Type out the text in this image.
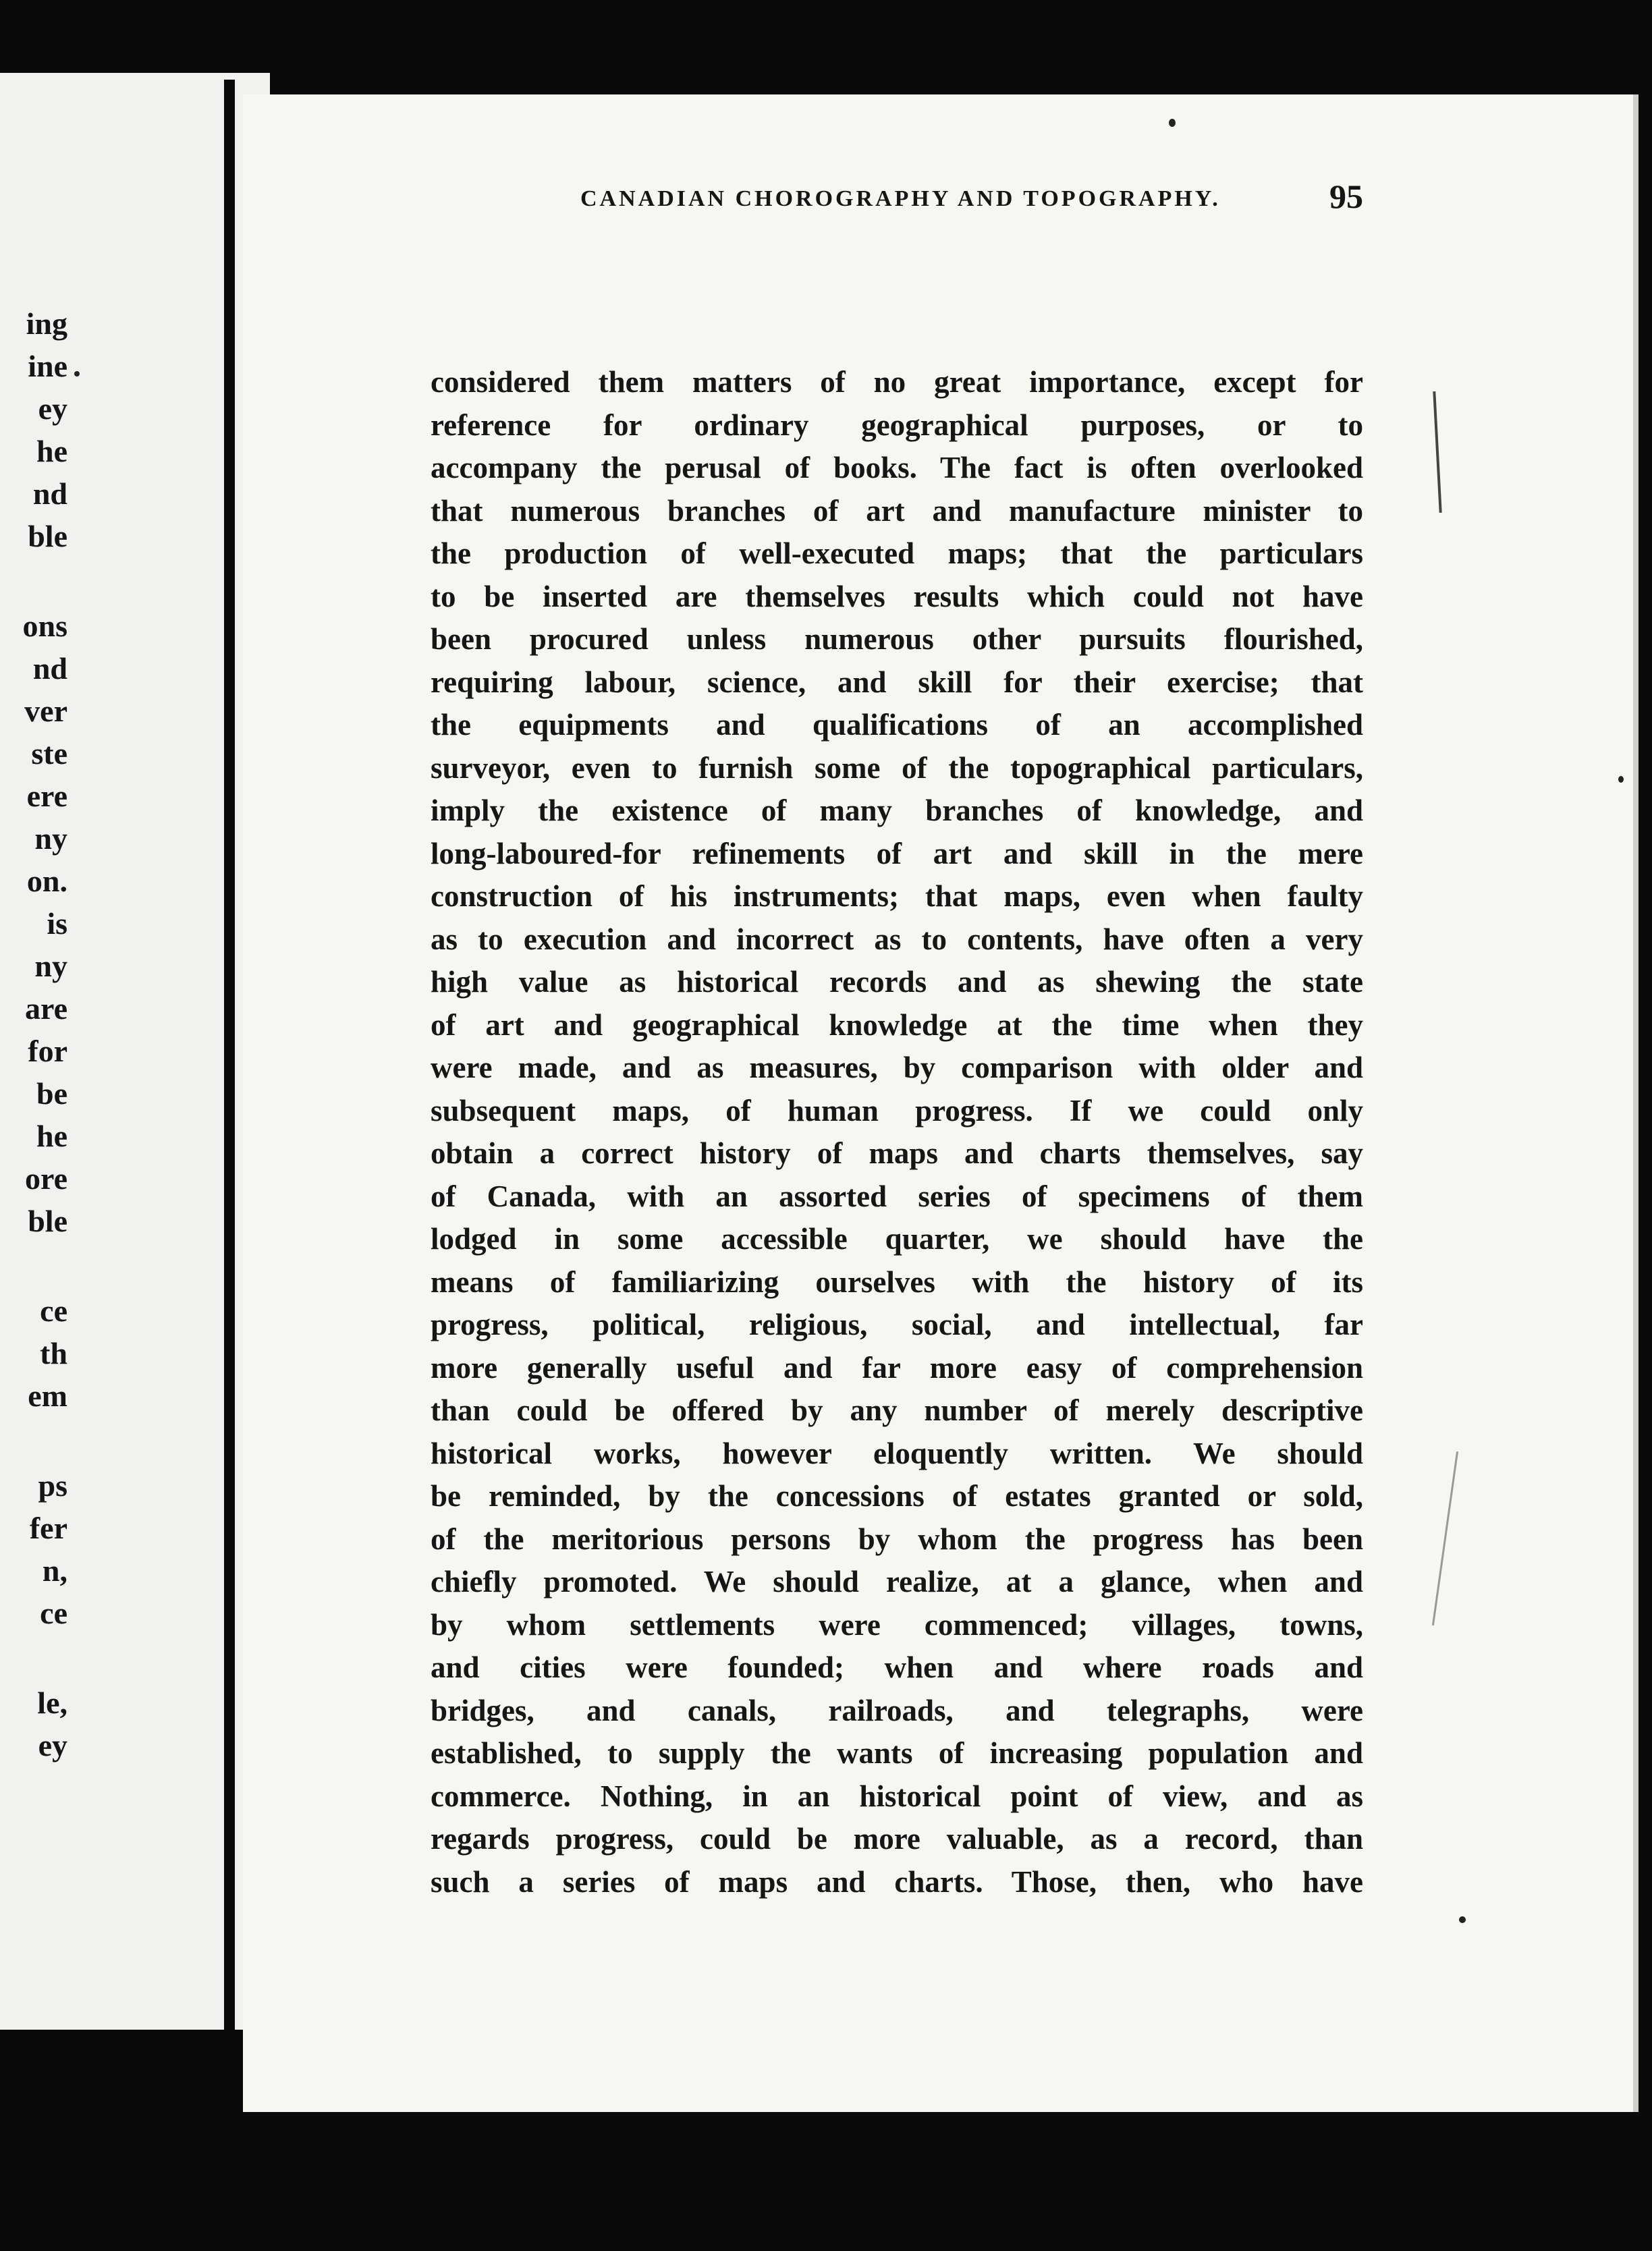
ing
ine
ey
he
nd
ble
ons
nd
ver
ste
ere
ny
on.
is
ny
are
for
be
he
ore
ble
ce
th
em
ps
fer
n,
ce
le,
ey
CANADIAN CHOROGRAPHY AND TOPOGRAPHY.	95
considered them matters of no great importance, except for
reference for ordinary geographical purposes, or to
accompany the perusal of books. The fact is often overlooked
that numerous branches of art and manufacture minister to
the production of well-executed maps; that the particulars
to be inserted are themselves results which could not have
been procured unless numerous other pursuits flourished,
requiring labour, science, and skill for their exercise; that
the equipments and qualifications of an accomplished
surveyor, even to furnish some of the topographical particulars,
imply the existence of many branches of knowledge, and
long-laboured-for refinements of art and skill in the mere
construction of his instruments; that maps, even when faulty
as to execution and incorrect as to contents, have often a very
high value as historical records and as shewing the state
of art and geographical knowledge at the time when they
were made, and as measures, by comparison with older and
subsequent maps, of human progress. If we could only
obtain a correct history of maps and charts themselves, say
of Canada, with an assorted series of specimens of them
lodged in some accessible quarter, we should have the
means of familiarizing ourselves with the history of its
progress, political, religious, social, and intellectual, far
more generally useful and far more easy of comprehension
than could be offered by any number of merely descriptive
historical works, however eloquently written. We should
be reminded, by the concessions of estates granted or sold,
of the meritorious persons by whom the progress has been
chiefly promoted. We should realize, at a glance, when and
by whom settlements were commenced; villages, towns,
and cities were founded; when and where roads and
bridges, and canals, railroads, and telegraphs, were
established, to supply the wants of increasing population and
commerce. Nothing, in an historical point of view, and as
regards progress, could be more valuable, as a record, than
such a series of maps and charts. Those, then, who have
